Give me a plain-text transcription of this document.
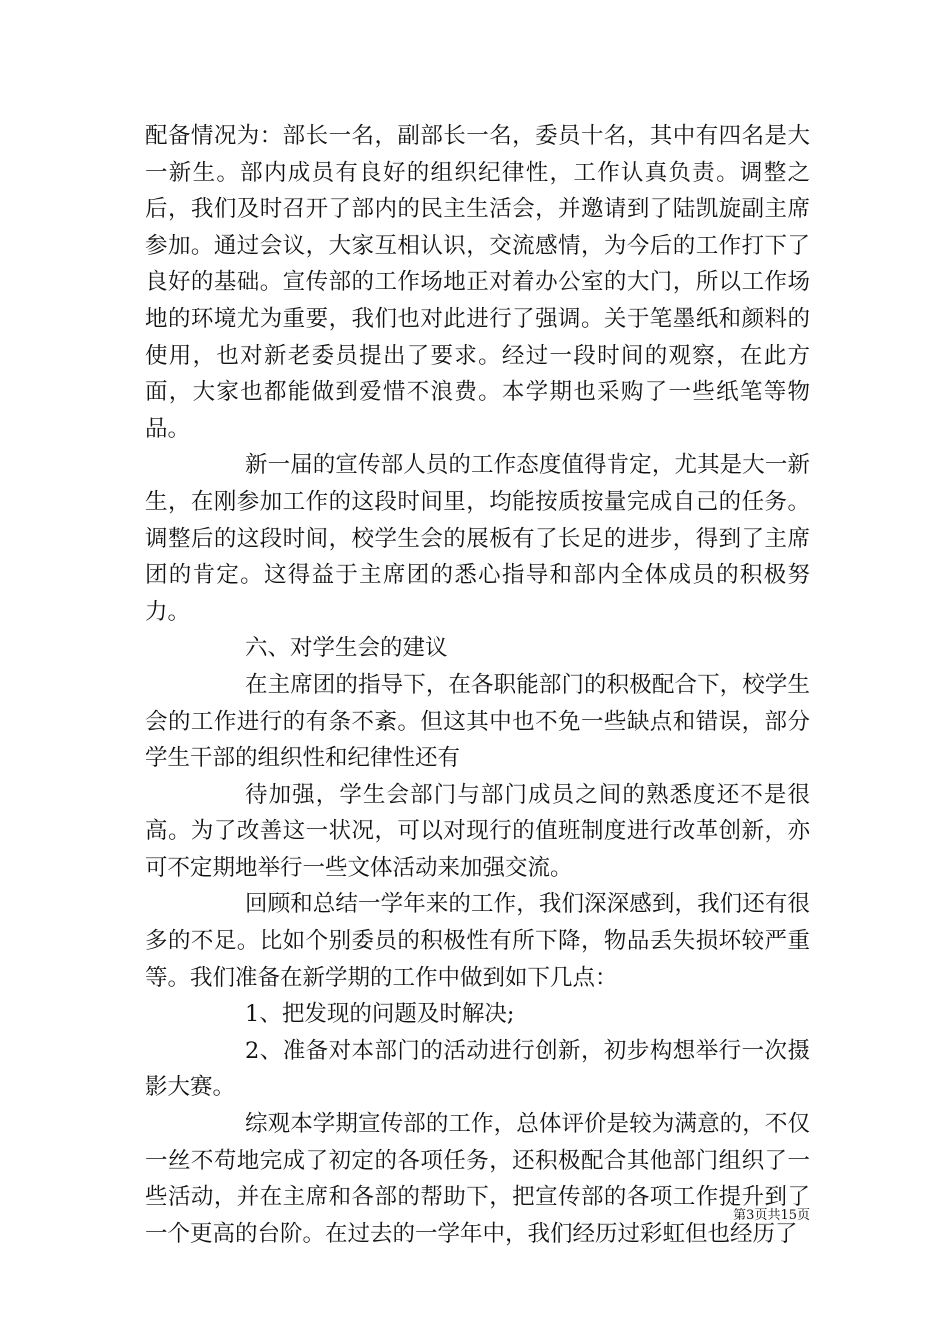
配备情况为：部长一名，副部长一名，委员十名，其中有四名是大一新生。部内成员有良好的组织纪律性，工作认真负责。调整之后，我们及时召开了部内的民主生活会，并邀请到了陆凯旋副主席参加。通过会议，大家互相认识，交流感情，为今后的工作打下了良好的基础。宣传部的工作场地正对着办公室的大门，所以工作场地的环境尤为重要，我们也对此进行了强调。关于笔墨纸和颜料的使用，也对新老委员提出了要求。经过一段时间的观察，在此方面，大家也都能做到爱惜不浪费。本学期也采购了一些纸笔等物品。

新一届的宣传部人员的工作态度值得肯定，尤其是大一新生，在刚参加工作的这段时间里，均能按质按量完成自己的任务。调整后的这段时间，校学生会的展板有了长足的进步，得到了主席团的肯定。这得益于主席团的悉心指导和部内全体成员的积极努力。

六、对学生会的建议

在主席团的指导下，在各职能部门的积极配合下，校学生会的工作进行的有条不紊。但这其中也不免一些缺点和错误，部分学生干部的组织性和纪律性还有

待加强，学生会部门与部门成员之间的熟悉度还不是很高。为了改善这一状况，可以对现行的值班制度进行改革创新，亦可不定期地举行一些文体活动来加强交流。

回顾和总结一学年来的工作，我们深深感到，我们还有很多的不足。比如个别委员的积极性有所下降，物品丢失损坏较严重等。我们准备在新学期的工作中做到如下几点：

1、把发现的问题及时解决;

2、准备对本部门的活动进行创新，初步构想举行一次摄影大赛。

综观本学期宣传部的工作，总体评价是较为满意的，不仅一丝不苟地完成了初定的各项任务，还积极配合其他部门组织了一些活动，并在主席和各部的帮助下，把宣传部的各项工作提升到了一个更高的台阶。在过去的一学年中，我们经历过彩虹但也经历了

第3页共15页
